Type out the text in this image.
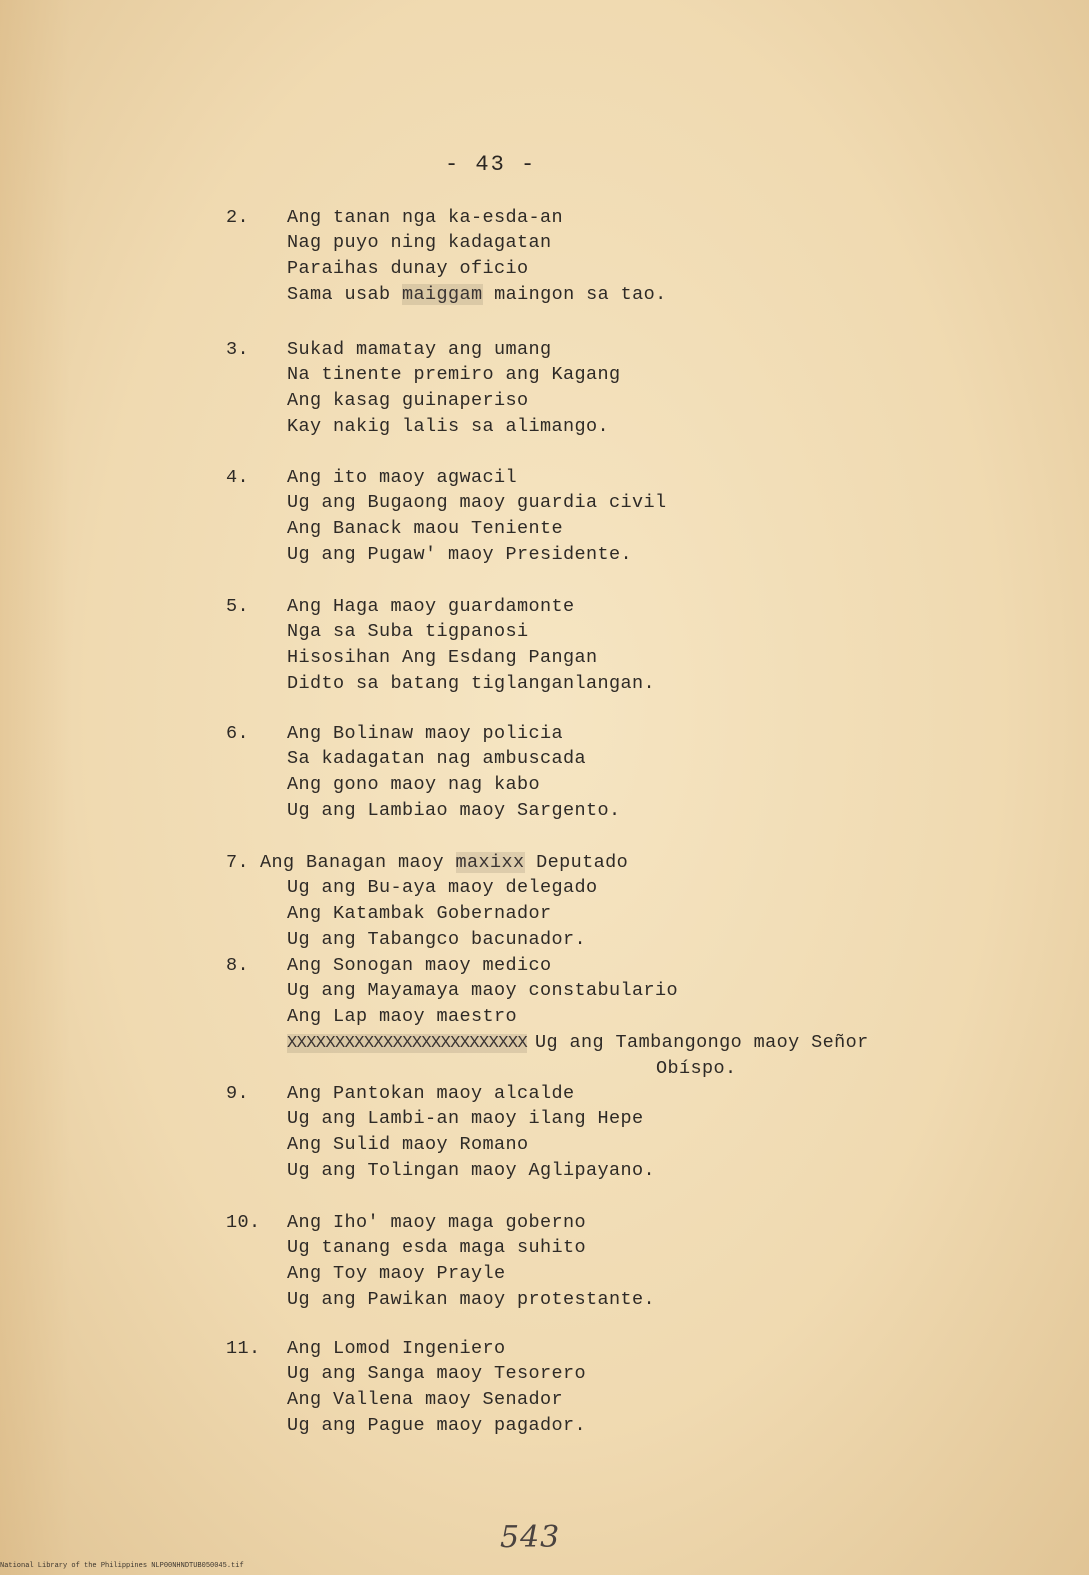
- 43 -
2.	Ang tanan nga ka-esda-an
Nag puyo ning kadagatan
Paraihas dunay oficio
Sama usab maiggam maingon sa tao.
3.	Sukad mamatay ang umang
Na tinente premiro ang Kagang
Ang kasag guinaperiso
Kay nakig lalis sa alimango.
4.	Ang ito maoy agwacil
Ug ang Bugaong maoy guardia civil
Ang Banack maou Teniente
Ug ang Pugaw' maoy Presidente.
5.	Ang Haga maoy guardamonte
Nga sa Suba tigpanosi
Hisosihan Ang Esdang Pangan
Didto sa batang tiglanganlangan.
6.	Ang Bolinaw maoy policia
Sa kadagatan nag ambuscada
Ang gono maoy nag kabo
Ug ang Lambiao maoy Sargento.
7. Ang Banagan maoy maxixx Deputado
Ug ang Bu-aya maoy delegado
Ang Katambak Gobernador
Ug ang Tabangco bacunador.
8.	Ang Sonogan maoy medico
Ug ang Mayamaya maoy constabulario
Ang Lap maoy maestro
XXXXXXXXXXXXXXXXXXXXXXXXX Ug ang Tambangongo maoy Señor
Obíspo.
9.	Ang Pantokan maoy alcalde
Ug ang Lambi-an maoy ilang Hepe
Ang Sulid maoy Romano
Ug ang Tolingan maoy Aglipayano.
10.	Ang Iho' maoy maga goberno
Ug tanang esda maga suhito
Ang Toy maoy Prayle
Ug ang Pawikan maoy protestante.
11.	Ang Lomod Ingeniero
Ug ang Sanga maoy Tesorero
Ang Vallena maoy Senador
Ug ang Pague maoy pagador.
543
National Library of the Philippines NLP00NHNDTUB050045.tif
